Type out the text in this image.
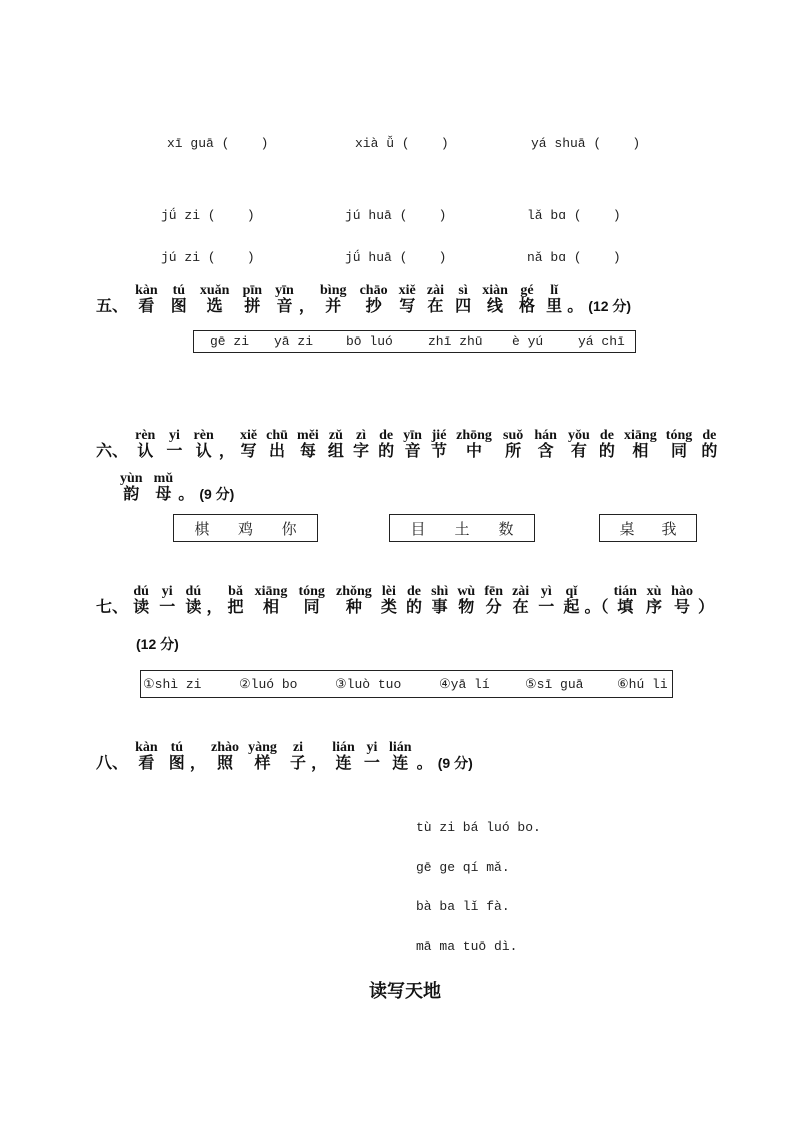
xī guā (    )	xià ǚ (    )	yá shuā (    )
jǘ zi (    )	jú huā (    )	lǎ bɑ (    )
jú zi (    )	jǘ huā (    )	nǎ bɑ (    )
五、
kàn
看

tú
图

xuǎn
选

pīn
拼

yīn
音

，

bìng
并

chāo
抄

xiě
写

zài
在

sì
四

xiàn
线

gé
格

lǐ
里 。 (12 分)
gē zi	yā zi	bō luó	zhī zhū	è yú	yá chī
六、
rèn
认

yi
一

rèn
认

，

xiě
写

chū
出

měi
每

zǔ
组

zì
字

de
的

yīn
音

jié
节

zhōng
中

suǒ
所

hán
含

yǒu
有

de
的

xiāng
相

tóng
同

de
的
yùn
韵

mǔ
母 。 (9 分)
棋 鸡 你	目 土 数	桌 我
七、
dú
读

yi
一

dú
读

，

bǎ
把

xiāng
相

tóng
同

zhǒng
种

lèi
类

de
的

shì
事

wù
物

fēn
分

zài
在

yì
一

qǐ
起

。（

tián
填

xù
序

hào
号

）
(12 分)
①shì zi	②luó bo	③luò tuo	④yā lí	⑤sī guā	⑥hú li
八、
kàn
看

tú
图

，

zhào
照

yàng
样

zi
子

，

lián
连

yi
一

lián
连 。 (9 分)
tù zi bá luó bo.
gē ge qí mǎ.
bà ba lǐ fà.
mā ma tuō dì.
读写天地
